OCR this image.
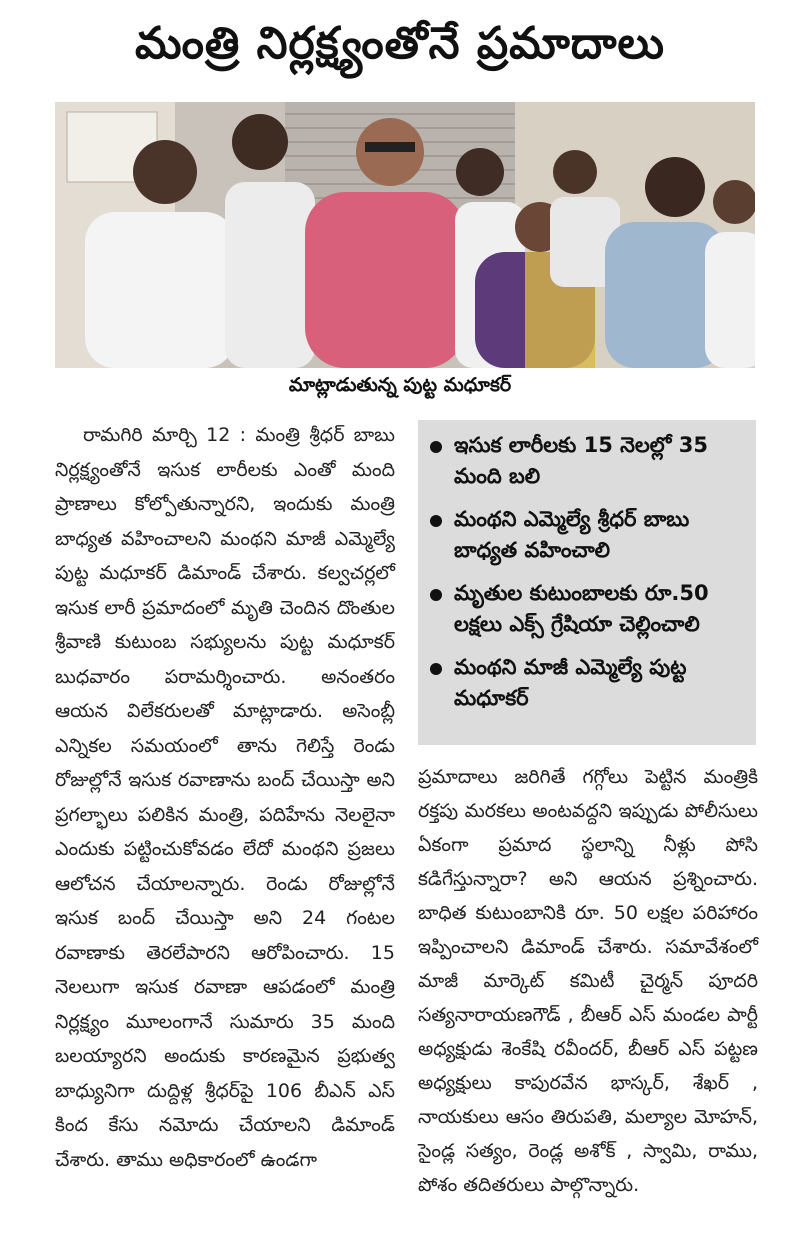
మంత్రి నిర్లక్ష్యంతోనే ప్రమాదాలు
మాట్లాడుతున్న పుట్ట మధూకర్

రామగిరి మార్చి 12 : మంత్రి శ్రీధర్ బాబు నిర్లక్ష్యంతోనే ఇసుక లారీలకు ఎంతో మంది ప్రాణాలు కోల్పోతున్నారని, ఇందుకు మంత్రి బాధ్యత వహించాలని మంథని మాజీ ఎమ్మెల్యే పుట్ట మధూకర్ డిమాండ్ చేశారు. కల్వచర్లలో ఇసుక లారీ ప్రమాదంలో మృతి చెందిన దొంతుల శ్రీవాణి కుటుంబ సభ్యులను పుట్ట మధూకర్ బుధవారం పరామర్శించారు. అనంతరం ఆయన విలేకరులతో మాట్లాడారు. అసెంబ్లీ ఎన్నికల సమయంలో తాను గెలిస్తే రెండు రోజుల్లోనే ఇసుక రవాణాను బంద్ చేయిస్తా అని ప్రగల్భాలు పలికిన మంత్రి, పదిహేను నెలలైనా ఎందుకు పట్టించుకోవడం లేదో మంథని ప్రజలు ఆలోచన చేయాలన్నారు. రెండు రోజుల్లోనే ఇసుక బంద్ చేయిస్తా అని 24 గంటల రవాణాకు తెరలేపారని ఆరోపించారు. 15 నెలలుగా ఇసుక రవాణా ఆపడంలో మంత్రి నిర్లక్ష్యం మూలంగానే సుమారు 35 మంది బలయ్యారని అందుకు కారణమైన ప్రభుత్వ బాధ్యునిగా దుద్దిళ్ల శ్రీధర్‌పై 106 బీఎన్ ఎస్ కింద కేసు నమోదు చేయాలని డిమాండ్ చేశారు. తాము అధికారంలో ఉండగా

ఇసుక లారీలకు 15 నెలల్లో 35 మంది బలి
మంథని ఎమ్మెల్యే శ్రీధర్ బాబు బాధ్యత వహించాలి
మృతుల కుటుంబాలకు రూ.50 లక్షలు ఎక్స్ గ్రేషియా చెల్లించాలి
మంథని మాజీ ఎమ్మెల్యే పుట్ట మధూకర్

ప్రమాదాలు జరిగితే గగ్గోలు పెట్టిన మంత్రికి రక్తపు మరకలు అంటవద్దని ఇప్పుడు పోలీసులు ఏకంగా ప్రమాద స్థలాన్ని నీళ్లు పోసి కడిగేస్తున్నారా? అని ఆయన ప్రశ్నించారు. బాధిత కుటుంబానికి రూ. 50 లక్షల పరిహారం ఇప్పించాలని డిమాండ్ చేశారు. సమావేశంలో మాజీ మార్కెట్ కమిటీ చైర్మన్ పూదరి సత్యనారాయణగౌడ్ , బీఆర్ ఎస్ మండల పార్టీ అధ్యక్షుడు శెంకేషి రవీందర్, బీఆర్ ఎస్ పట్టణ అధ్యక్షులు కాపురవేన భాస్కర్, శేఖర్ , నాయకులు ఆసం తిరుపతి, మల్యాల మోహన్, సైండ్ల సత్యం, రెండ్ల అశోక్ , స్వామి, రాము, పోశం తదితరులు పాల్గొన్నారు.
